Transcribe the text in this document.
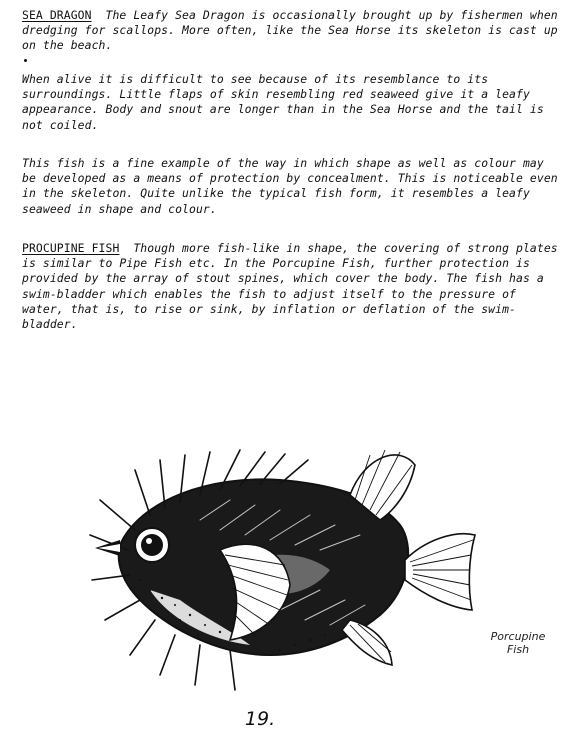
SEA DRAGON The Leafy Sea Dragon is occasionally brought up by fishermen when dredging for scallops. More often, like the Sea Horse its skeleton is cast up on the beach.

When alive it is difficult to see because of its resemblance to its surroundings. Little flaps of skin resembling red seaweed give it a leafy appearance. Body and snout are longer than in the Sea Horse and the tail is not coiled.

This fish is a fine example of the way in which shape as well as colour may be developed as a means of protection by concealment. This is noticeable even in the skeleton. Quite unlike the typical fish form, it resembles a leafy seaweed in shape and colour.

PROCUPINE FISH Though more fish-like in shape, the covering of strong plates is similar to Pipe Fish etc. In the Porcupine Fish, further protection is provided by the array of stout spines, which cover the body. The fish has a swim-bladder which enables the fish to adjust itself to the pressure of water, that is, to rise or sink, by inflation or deflation of the swim-bladder.

Porcupine
Fish
19.
